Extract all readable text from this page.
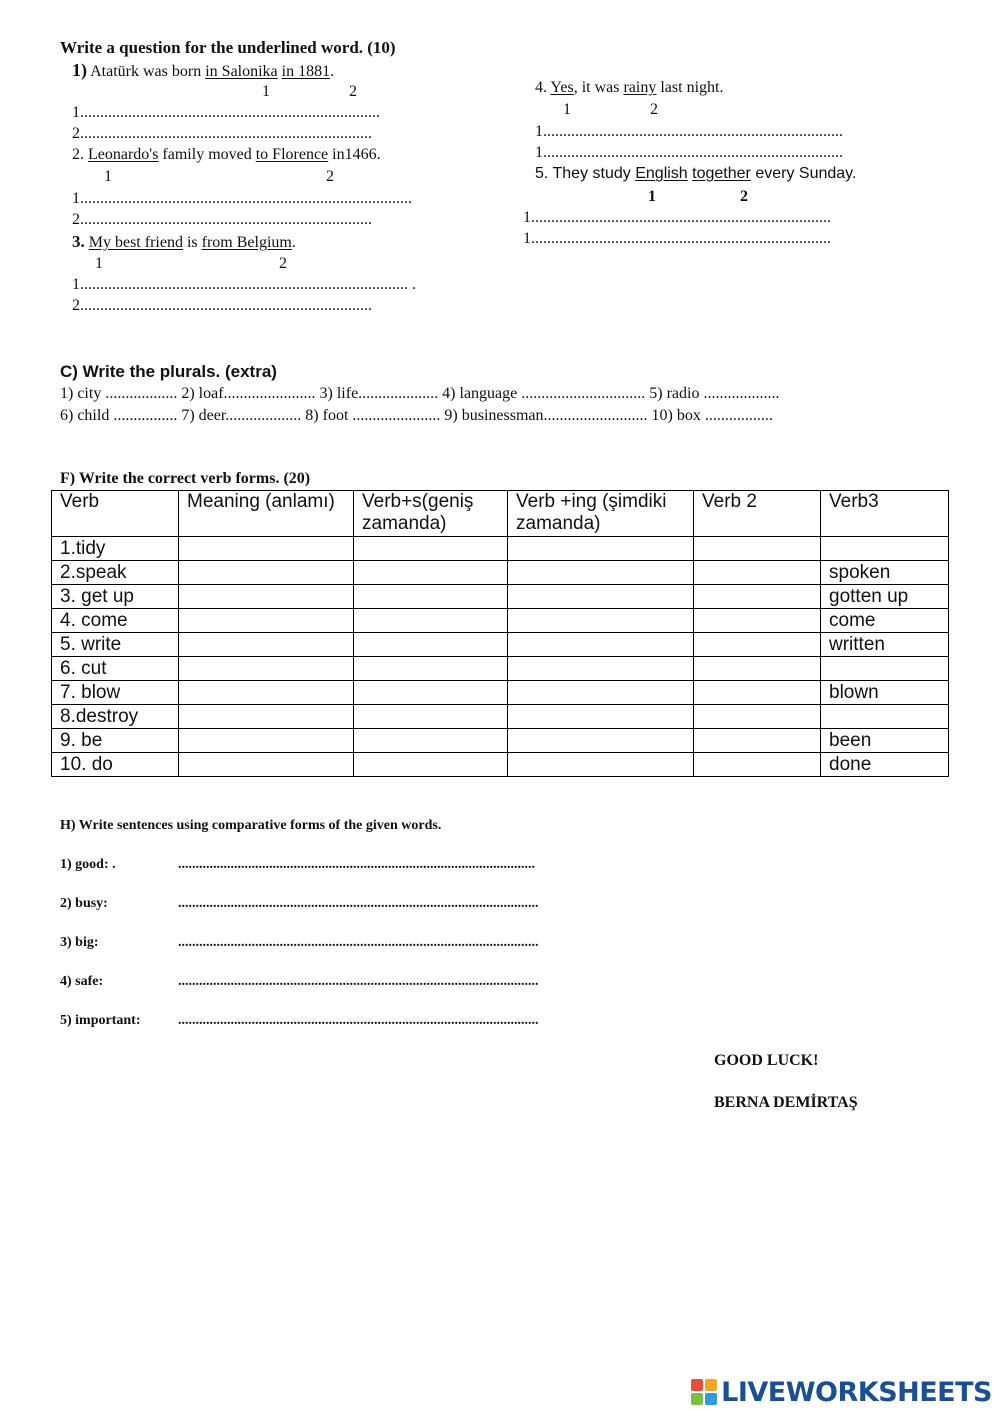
Write a question for the underlined word. (10)
1) Atatürk was born in Salonika in 1881.
1	2
1...........................................................................
2.........................................................................
2. Leonardo's family moved to Florence in1466.
1	2
1...................................................................................
2.........................................................................
3. My best friend is from Belgium.
1	2
1.................................................................................. .
2.........................................................................
4. Yes, it was rainy last night.
1	2
1...........................................................................
1...........................................................................
5. They study English together every Sunday.
1	2
1...........................................................................
1...........................................................................
C) Write the plurals. (extra)
1) city .................. 2) loaf....................... 3) life.................... 4) language ............................... 5) radio ...................
6) child ................ 7) deer................... 8) foot ...................... 9) businessman.......................... 10) box .................
F) Write the correct verb forms. (20)
Verb	Meaning (anlamı)	Verb+s(geniş zamanda)	Verb +ing (şimdiki zamanda)	Verb 2	Verb3
1.tidy					
2.speak					spoken
3. get up					gotten up
4. come					come
5. write					written
6. cut					
7. blow					blown
8.destroy					
9. be					been
10. do					done
H) Write sentences using comparative forms of the given words.
1) good: .	......................................................................................................
2) busy:	.......................................................................................................
3) big:	.......................................................................................................
4) safe:	.......................................................................................................
5) important:	.......................................................................................................
GOOD LUCK!
BERNA DEMİRTAŞ
LIVEWORKSHEETS
